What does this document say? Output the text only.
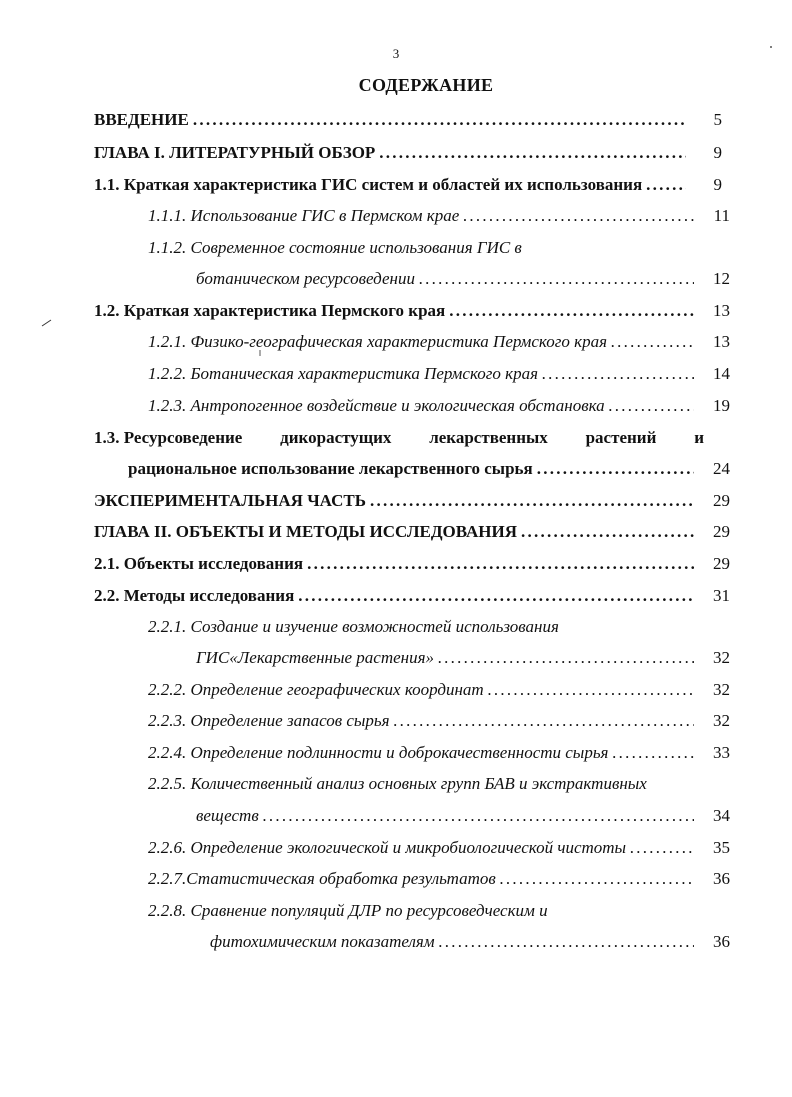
3
СОДЕРЖАНИЕ
ВВЕДЕНИЕ . . .	5
ГЛАВА I. ЛИТЕРАТУРНЫЙ ОБЗОР . . .	9
1.1. Краткая характеристика ГИС систем и областей их использования . . .	9
1.1.1. Использование ГИС в Пермском крае . . .	11
1.1.2. Современное состояние использования ГИС в
ботаническом ресурсоведении . . .	12
1.2. Краткая характеристика Пермского края . . .	13
1.2.1. Физико-географическая характеристика Пермского края . . .	13
1.2.2. Ботаническая характеристика Пермского края . . .	14
1.2.3. Антропогенное воздействие и экологическая обстановка . . .	19
1.3. Ресурсоведение дикорастущих лекарственных растений и
рациональное использование лекарственного сырья . . .	24
ЭКСПЕРИМЕНТАЛЬНАЯ ЧАСТЬ . . .	29
ГЛАВА II. ОБЪЕКТЫ И МЕТОДЫ ИССЛЕДОВАНИЯ . . .	29
2.1. Объекты исследования . . .	29
2.2. Методы исследования . . .	31
2.2.1. Создание и изучение возможностей использования
ГИС«Лекарственные растения» . . .	32
2.2.2. Определение географических координат . . .	32
2.2.3. Определение запасов сырья . . .	32
2.2.4. Определение подлинности и доброкачественности сырья . . .	33
2.2.5. Количественный анализ основных групп БАВ и экстрактивных
веществ . . .	34
2.2.6. Определение экологической и микробиологической чистоты . . .	35
2.2.7.Статистическая обработка результатов . . .	36
2.2.8. Сравнение популяций ДЛР по ресурсоведческим и
фитохимическим показателям . . .	36
